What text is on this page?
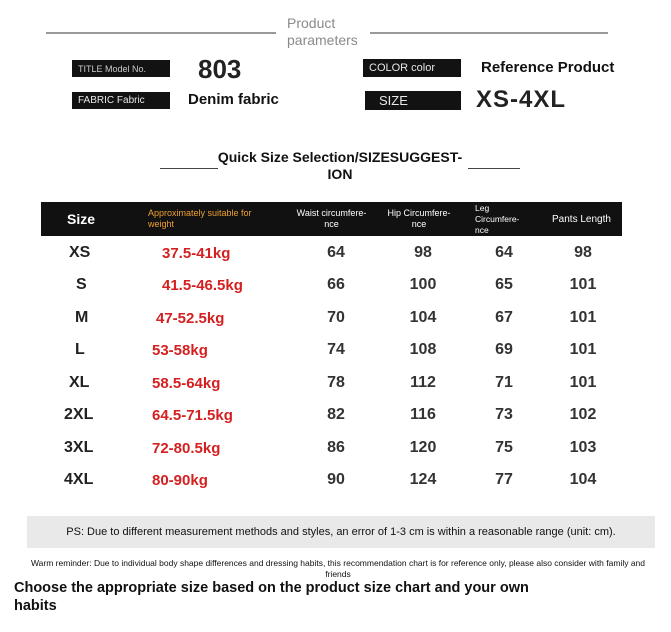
Product
parameters
TITLE Model No.	803
FABRIC Fabric	Denim fabric
COLOR color	Reference Product
SIZE	XS-4XL
Quick Size Selection/SIZESUGGEST-
ION
Size	Approximately suitable for weight
Waist circumfere-
nce
Hip Circumfere-
nce
Leg
Circumfere-
nce
Pants Length
XS	37.5-41kg	64	98	64	98
S	41.5-46.5kg	66	100	65	101
M	47-52.5kg	70	104	67	101
L	53-58kg	74	108	69	101
XL	58.5-64kg	78	112	71	101
2XL	64.5-71.5kg	82	116	73	102
3XL	72-80.5kg	86	120	75	103
4XL	80-90kg	90	124	77	104
PS: Due to different measurement methods and styles, an error of 1-3 cm is within a reasonable range (unit: cm).
Warm reminder: Due to individual body shape differences and dressing habits, this recommendation chart is for reference only, please also consider with family and friends
Choose the appropriate size based on the product size chart and your own habits
